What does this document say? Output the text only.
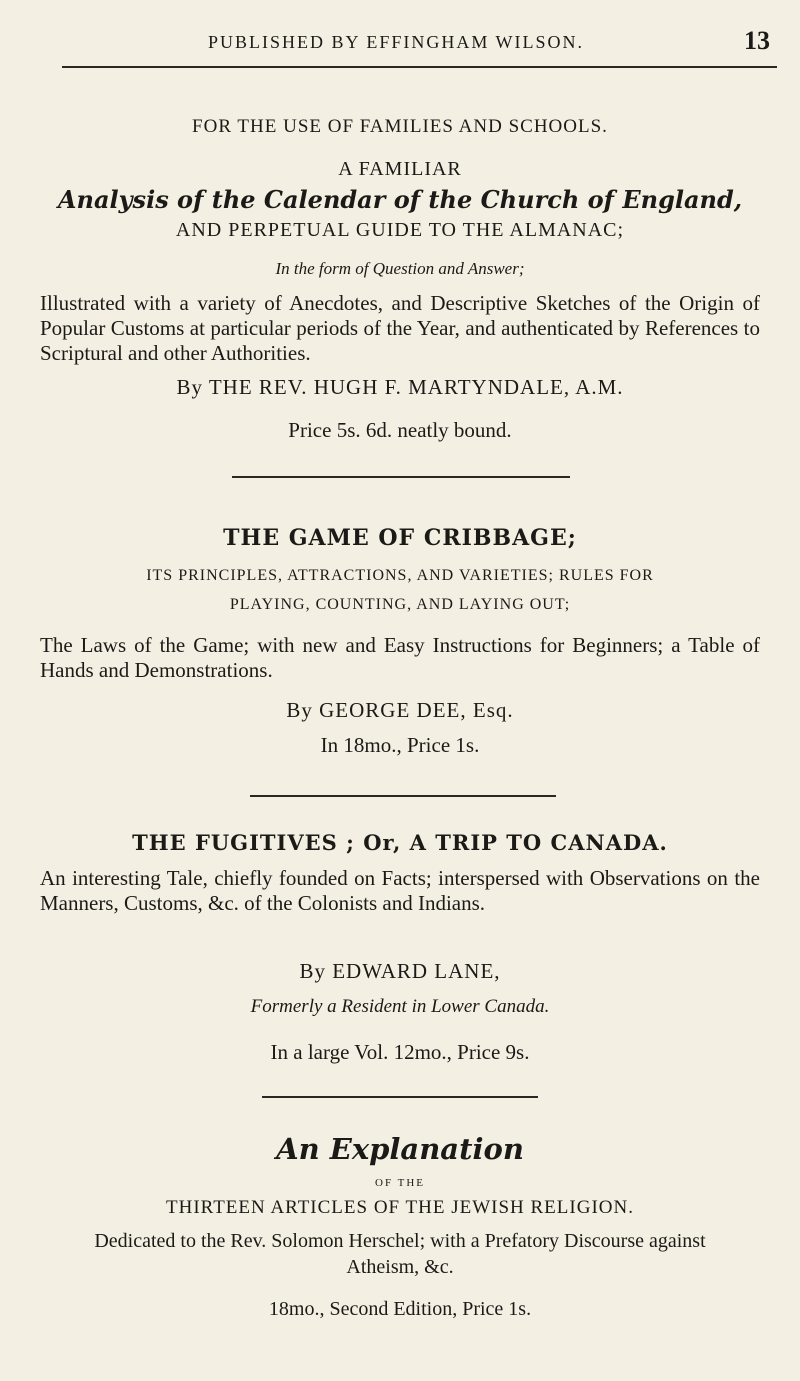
PUBLISHED BY EFFINGHAM WILSON.	13
FOR THE USE OF FAMILIES AND SCHOOLS.
A FAMILIAR
Analysis of the Calendar of the Church of England,
AND PERPETUAL GUIDE TO THE ALMANAC;
In the form of Question and Answer;
Illustrated with a variety of Anecdotes, and Descriptive Sketches of the Origin of Popular Customs at particular periods of the Year, and authenticated by References to Scriptural and other Authorities.
By THE REV. HUGH F. MARTYNDALE, A.M.
Price 5s. 6d. neatly bound.
THE GAME OF CRIBBAGE;
ITS PRINCIPLES, ATTRACTIONS, AND VARIETIES; RULES FOR
PLAYING, COUNTING, AND LAYING OUT;
The Laws of the Game; with new and Easy Instructions for Beginners; a Table of Hands and Demonstrations.
By GEORGE DEE, Esq.
In 18mo., Price 1s.
THE FUGITIVES ; Or, A TRIP TO CANADA.
An interesting Tale, chiefly founded on Facts; interspersed with Observations on the Manners, Customs, &c. of the Colonists and Indians.
By EDWARD LANE,
Formerly a Resident in Lower Canada.
In a large Vol. 12mo., Price 9s.
An Explanation
OF THE
THIRTEEN ARTICLES OF THE JEWISH RELIGION.
Dedicated to the Rev. Solomon Herschel; with a Prefatory Discourse against Atheism, &c.
18mo., Second Edition, Price 1s.
